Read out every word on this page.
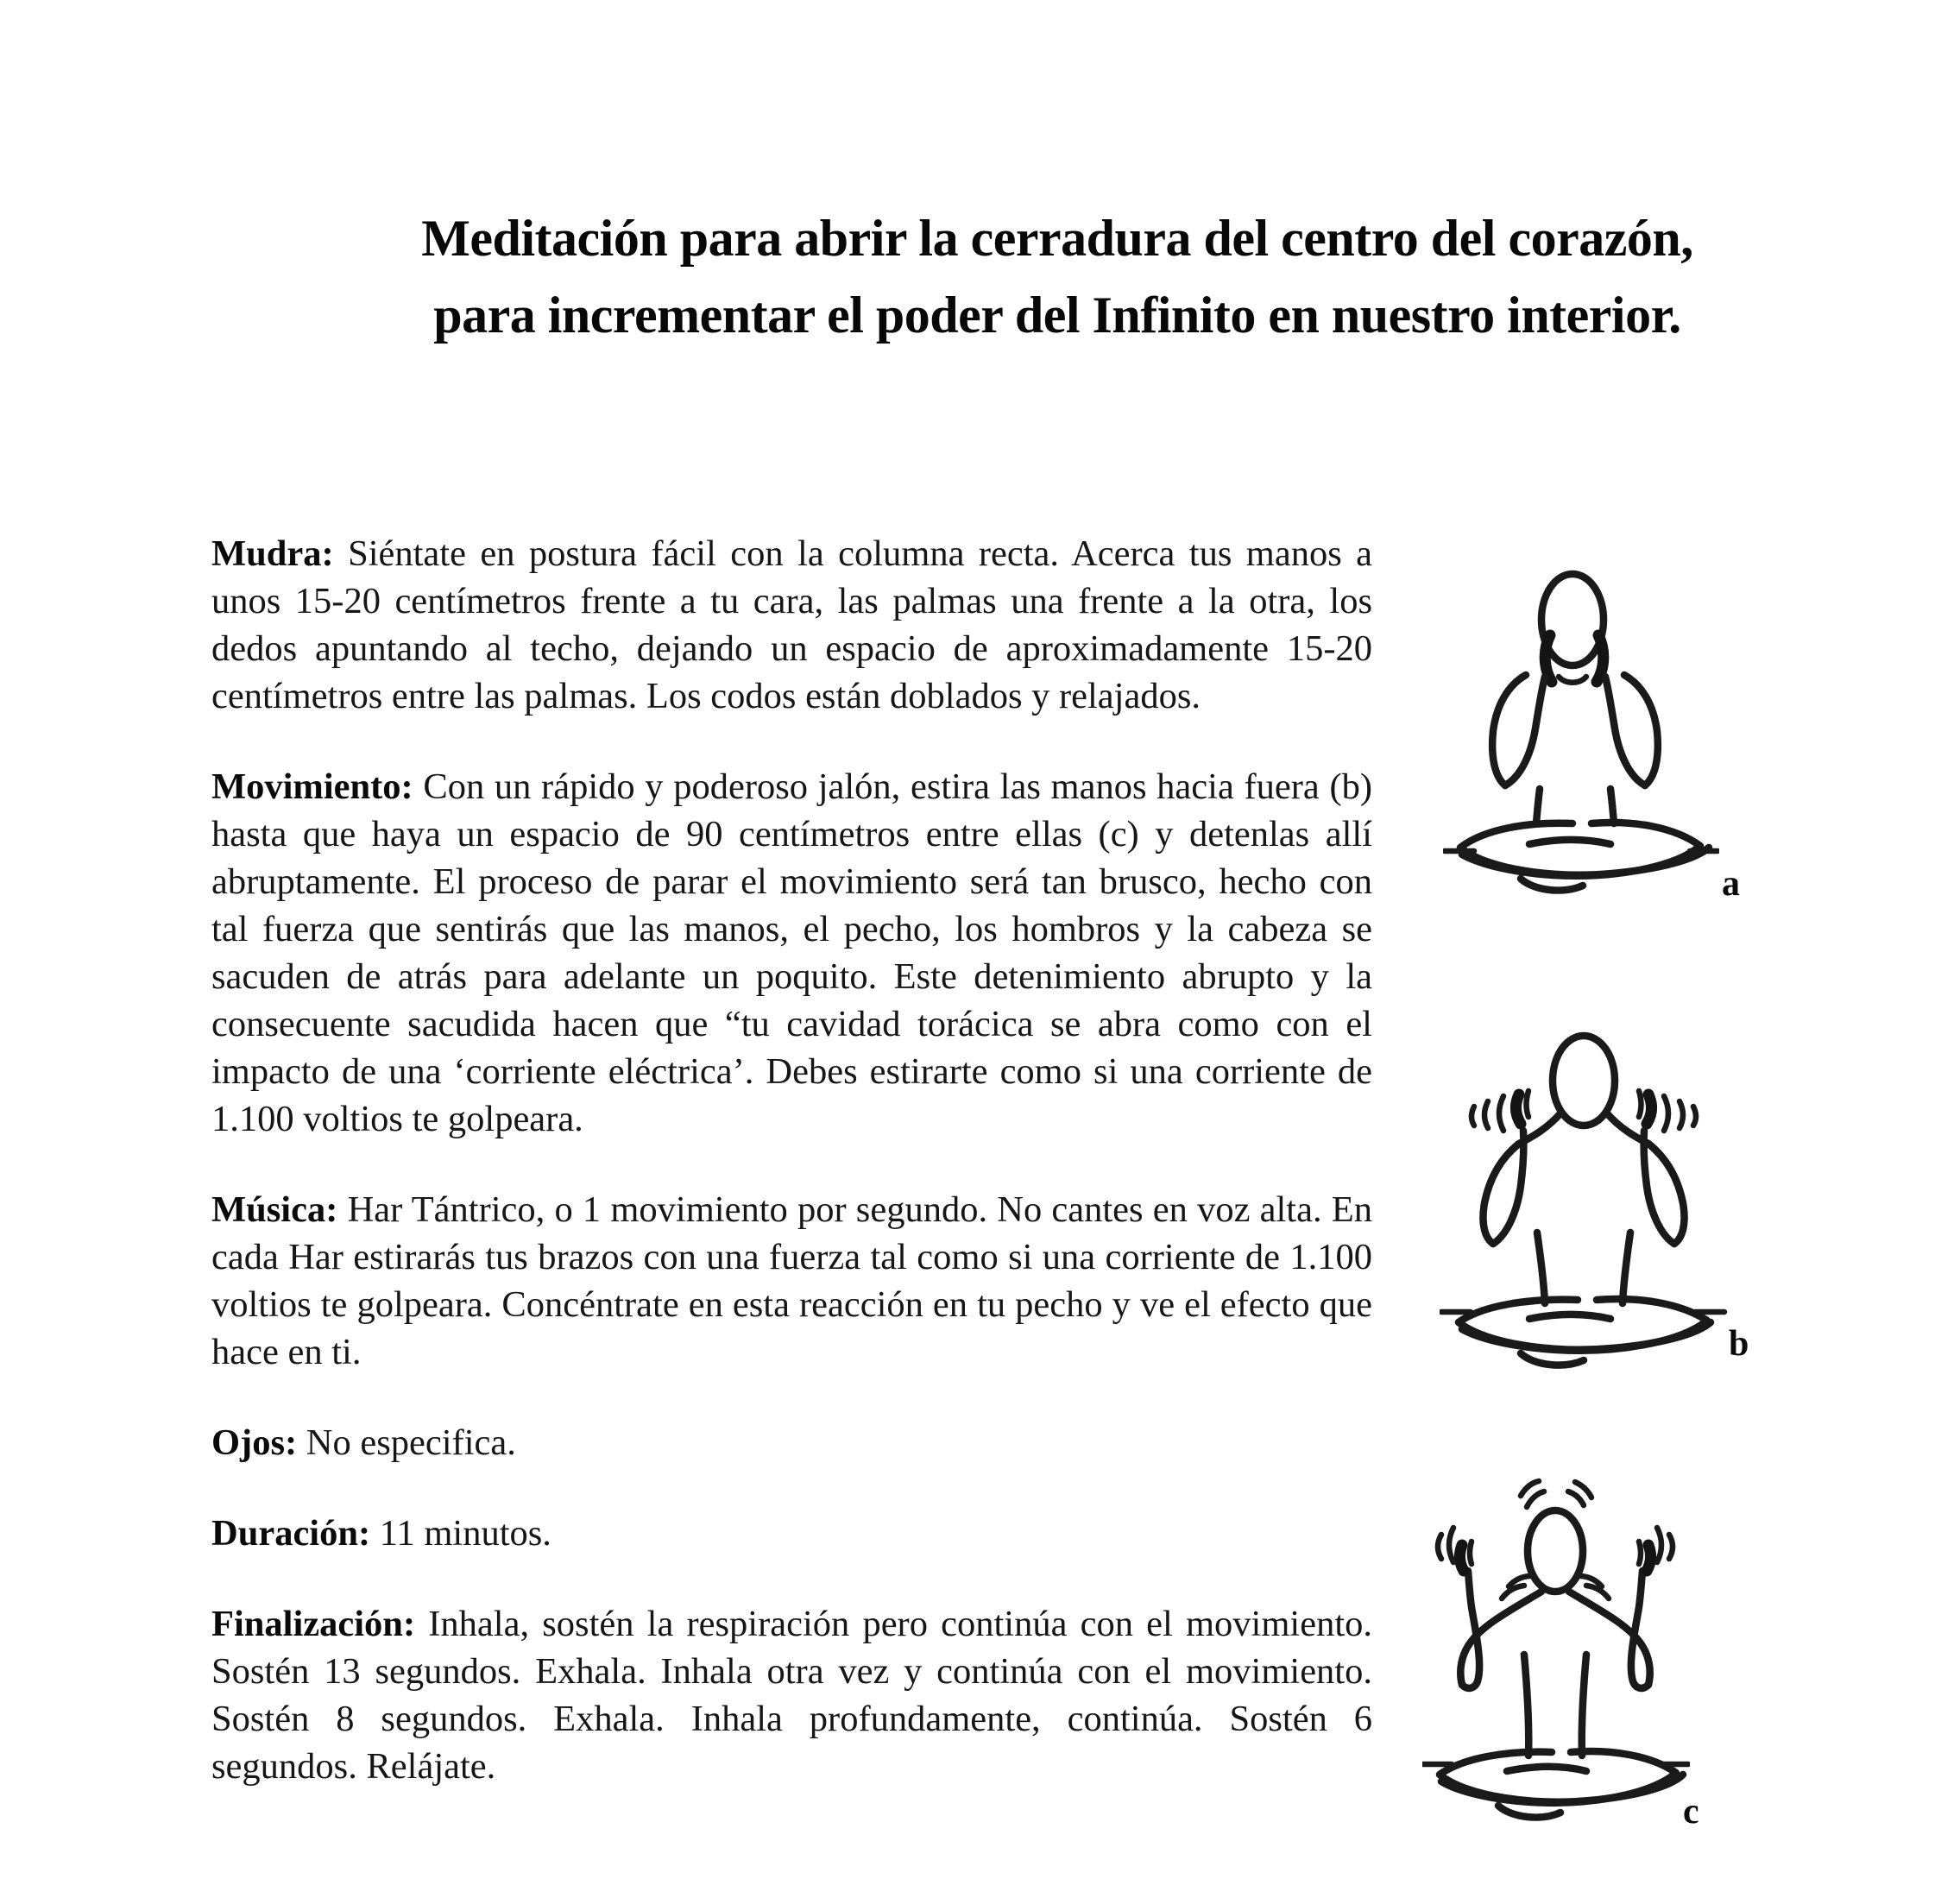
Meditación para abrir la cerradura del centro del corazón,
para incrementar el poder del Infinito en nuestro interior.

Mudra: Siéntate en postura fácil con la columna recta. Acerca tus manos a unos 15-20 centímetros frente a tu cara, las palmas una frente a la otra, los dedos apuntando al techo, dejando un espacio de aproximadamente 15-20 centímetros entre las palmas. Los codos están doblados y relajados.

Movimiento: Con un rápido y poderoso jalón, estira las manos hacia fuera (b) hasta que haya un espacio de 90 centímetros entre ellas (c) y detenlas allí abruptamente. El proceso de parar el movimiento será tan brusco, hecho con tal fuerza que sentirás que las manos, el pecho, los hombros y la cabeza se sacuden de atrás para adelante un poquito. Este detenimiento abrupto y la consecuente sacudida hacen que “tu cavidad torácica se abra como con el impacto de una ‘corriente eléctrica’. Debes estirarte como si una corriente de 1.100 voltios te golpeara.

Música: Har Tántrico, o 1 movimiento por segundo. No cantes en voz alta. En cada Har estirarás tus brazos con una fuerza tal como si una corriente de 1.100 voltios te golpeara. Concéntrate en esta reacción en tu pecho y ve el efecto que hace en ti.

Ojos: No especifica.

Duración: 11 minutos.

Finalización: Inhala, sostén la respiración pero continúa con el movimiento. Sostén 13 segundos. Exhala. Inhala otra vez y continúa con el movimiento. Sostén 8 segundos. Exhala. Inhala profundamente, continúa. Sostén 6 segundos. Relájate.

a
b
c
